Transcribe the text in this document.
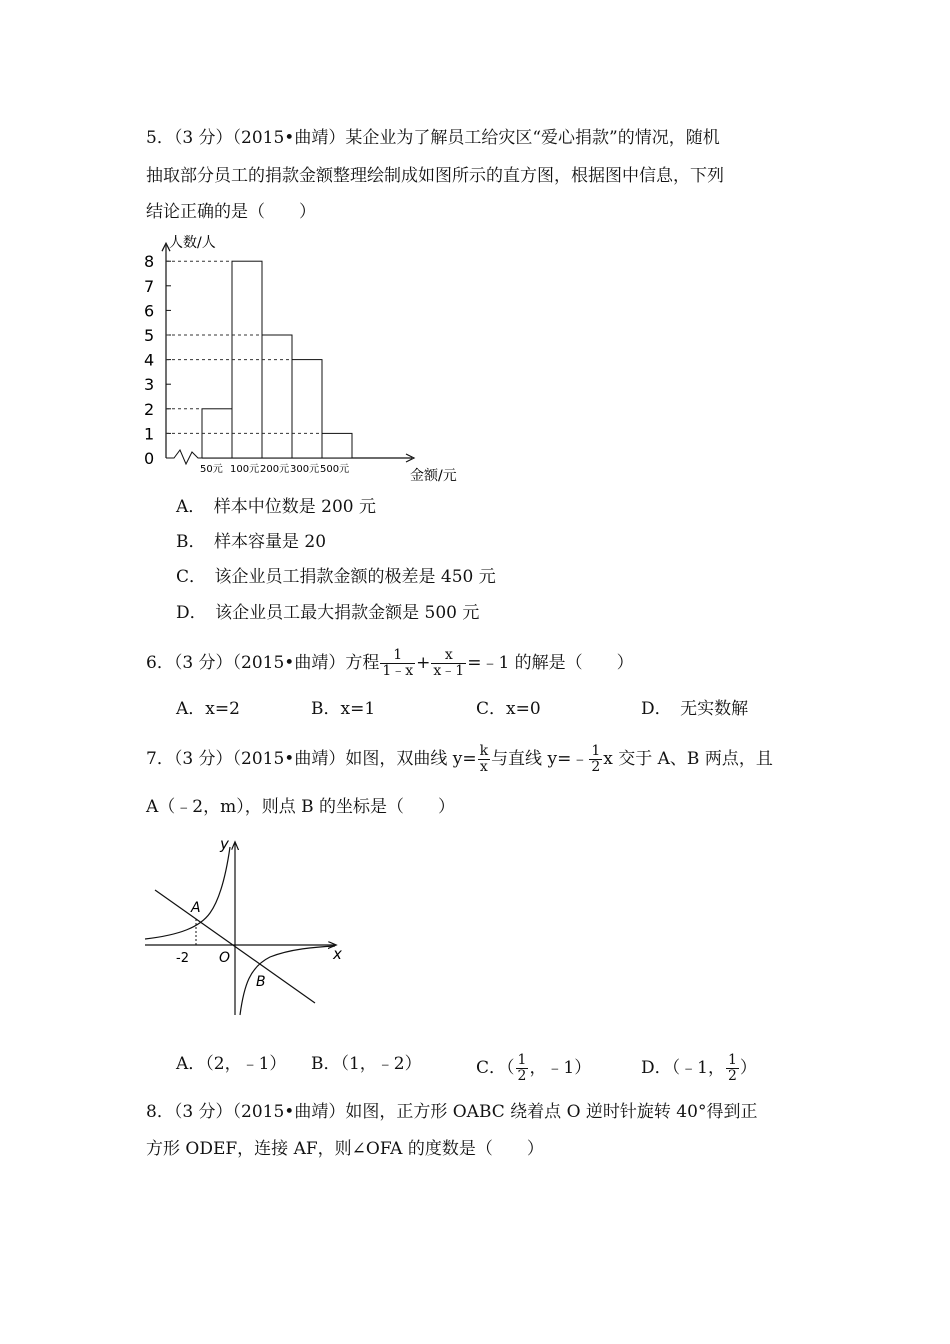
5．（3 分）（2015•曲靖）某企业为了解员工给灾区“爱心捐款”的情况，随机
抽取部分员工的捐款金额整理绘制成如图所示的直方图，根据图中信息，下列
结论正确的是（　　）
人数/人
0
1
2
3
4
5
6
7
8
金额/元
50元 100元 200元 300元 500元
A．　样本中位数是 200 元
B．　样本容量是 20
C．　该企业员工捐款金额的极差是 450 元
D．　该企业员工最大捐款金额是 500 元
6．（3 分）（2015•曲靖）方程 $\frac{1}{1﹣x} + \frac{x}{x﹣1}$ =﹣1 的解是（　　）
A．x=2	B．x=1	C．x=0	D．　无实数解
7．（3 分）（2015•曲靖）如图，双曲线 $y= \frac{k}{x}$ 与直线 y=﹣ $\frac{1}{2}$ x 交于 A、B 两点，且
A（﹣2，m），则点 B 的坐标是（　　）
y
x
O
A
B
-2
A．（2，﹣1） B．（1，﹣2）	C．（ $\frac{1}{2}$ ，﹣1）	D．（﹣1， $\frac{1}{2}$ ）
8．（3 分）（2015•曲靖）如图，正方形 OABC 绕着点 O 逆时针旋转 40°得到正
方形 ODEF，连接 AF，则∠OFA 的度数是（　　）
